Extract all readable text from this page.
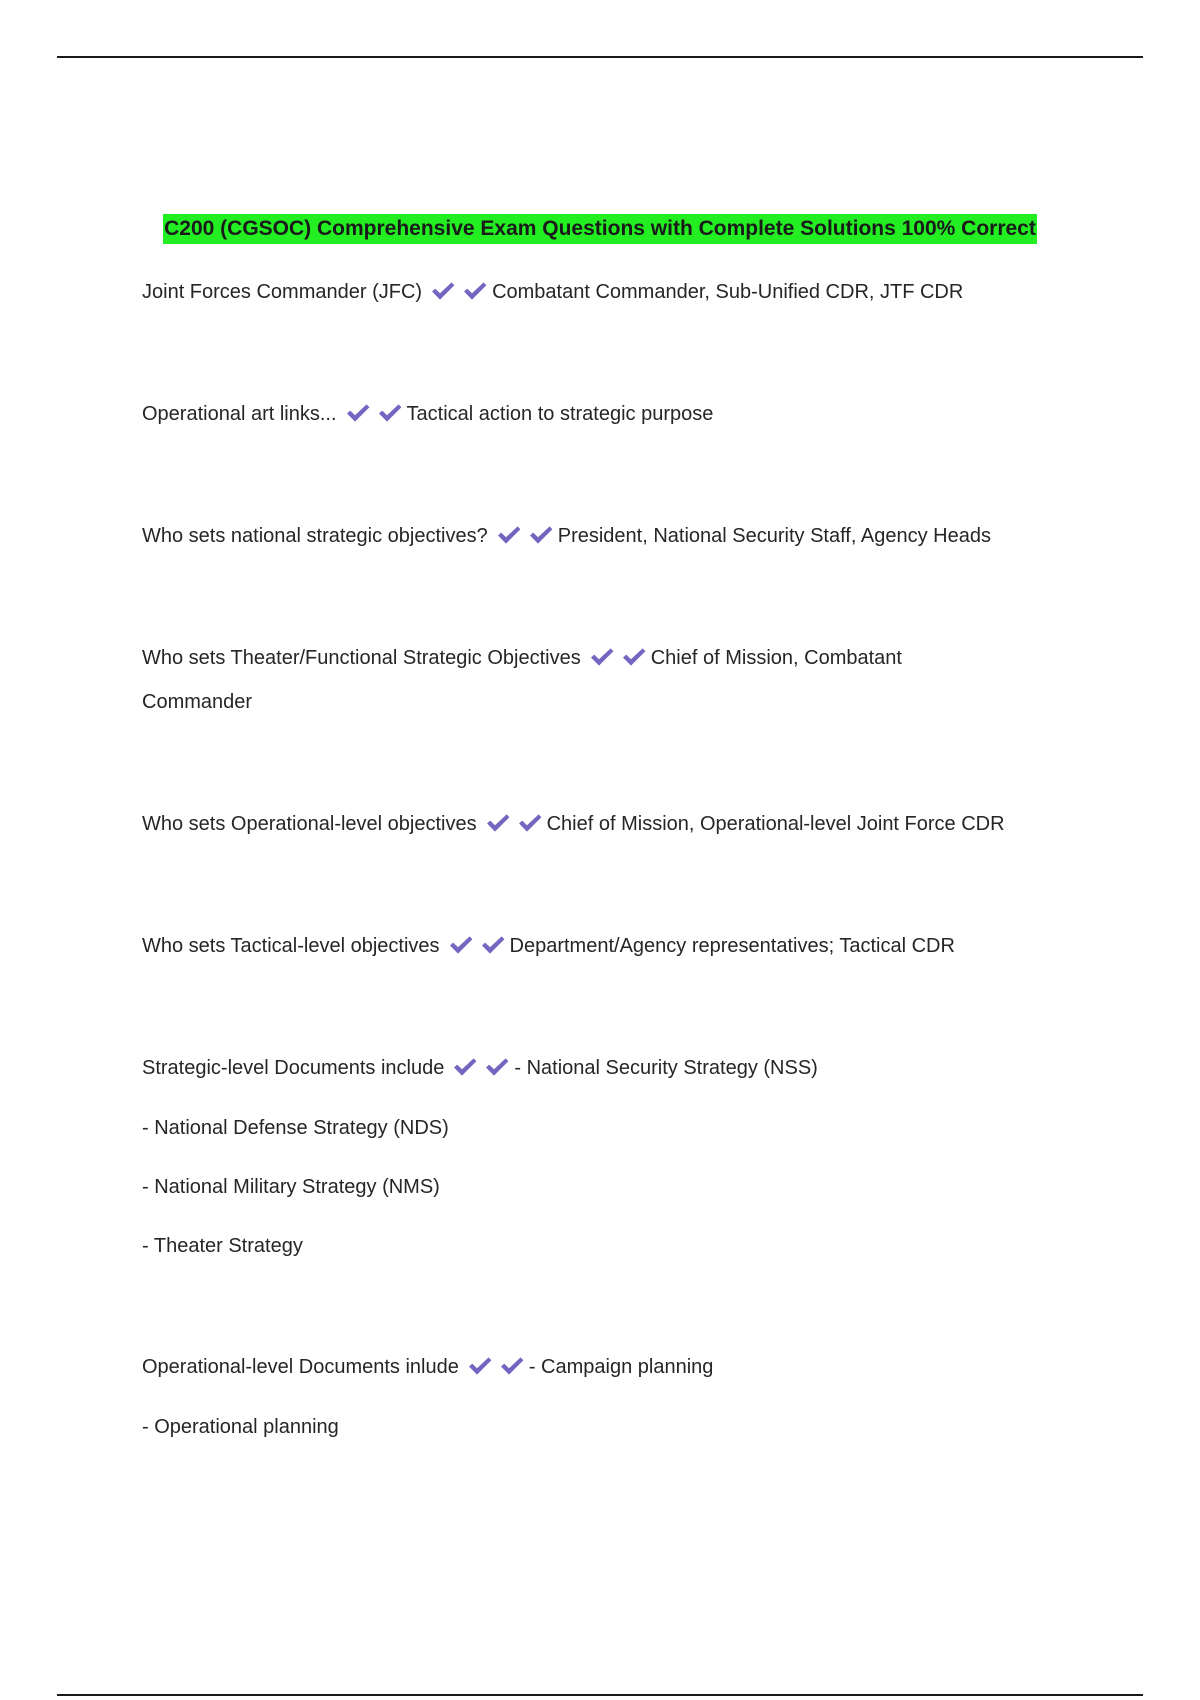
C200 (CGSOC) Comprehensive Exam Questions with Complete Solutions 100% Correct
Joint Forces Commander (JFC)	Combatant Commander, Sub-Unified CDR, JTF CDR
Operational art links...	Tactical action to strategic purpose
Who sets national strategic objectives?	President, National Security Staff, Agency Heads
Who sets Theater/Functional Strategic Objectives	Chief of Mission, Combatant
Commander
Who sets Operational-level objectives	Chief of Mission, Operational-level Joint Force CDR
Who sets Tactical-level objectives	Department/Agency representatives; Tactical CDR
Strategic-level Documents include	- National Security Strategy (NSS)
- National Defense Strategy (NDS)
- National Military Strategy (NMS)
- Theater Strategy
Operational-level Documents inlude	- Campaign planning
- Operational planning
